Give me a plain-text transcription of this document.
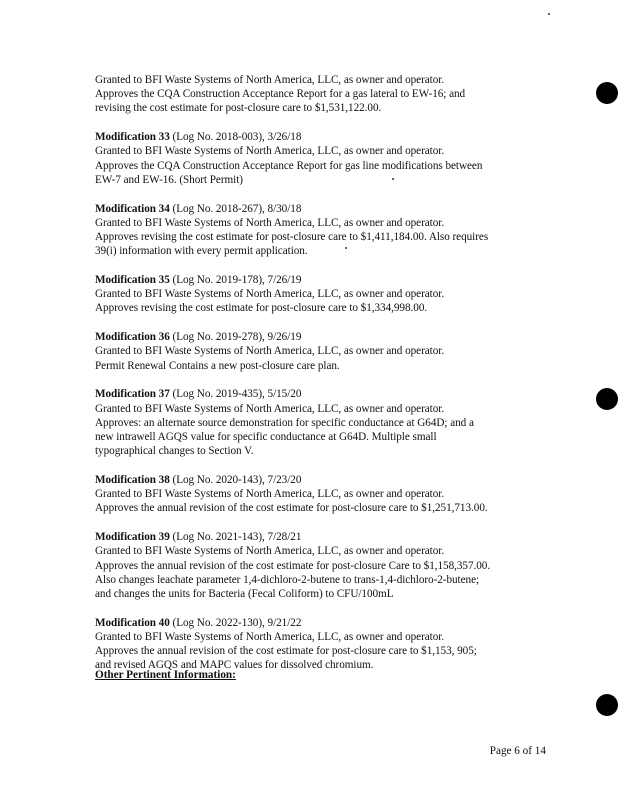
Granted to BFI Waste Systems of North America, LLC, as owner and operator.

Approves the CQA Construction Acceptance Report for a gas lateral to EW-16; and

revising the cost estimate for post-closure care to $1,531,122.00.

Modification 33 (Log No. 2018-003), 3/26/18

Granted to BFI Waste Systems of North America, LLC, as owner and operator.

Approves the CQA Construction Acceptance Report for gas line modifications between

EW-7 and EW-16. (Short Permit)

Modification 34 (Log No. 2018-267), 8/30/18

Granted to BFI Waste Systems of North America, LLC, as owner and operator.

Approves revising the cost estimate for post-closure care to $1,411,184.00. Also requires

39(i) information with every permit application.

Modification 35 (Log No. 2019-178), 7/26/19

Granted to BFI Waste Systems of North America, LLC, as owner and operator.

Approves revising the cost estimate for post-closure care to $1,334,998.00.

Modification 36 (Log No. 2019-278), 9/26/19

Granted to BFI Waste Systems of North America, LLC, as owner and operator.

Permit Renewal Contains a new post-closure care plan.

Modification 37 (Log No. 2019-435), 5/15/20

Granted to BFI Waste Systems of North America, LLC, as owner and operator.

Approves: an alternate source demonstration for specific conductance at G64D; and a

new intrawell AGQS value for specific conductance at G64D. Multiple small

typographical changes to Section V.

Modification 38 (Log No. 2020-143), 7/23/20

Granted to BFI Waste Systems of North America, LLC, as owner and operator.

Approves the annual revision of the cost estimate for post-closure care to $1,251,713.00.

Modification 39 (Log No. 2021-143), 7/28/21

Granted to BFI Waste Systems of North America, LLC, as owner and operator.

Approves the annual revision of the cost estimate for post-closure Care to $1,158,357.00.

Also changes leachate parameter 1,4-dichloro-2-butene to trans-1,4-dichloro-2-butene;

and changes the units for Bacteria (Fecal Coliform) to CFU/100mL

Modification 40 (Log No. 2022-130), 9/21/22

Granted to BFI Waste Systems of North America, LLC, as owner and operator.

Approves the annual revision of the cost estimate for post-closure care to $1,153, 905;

and revised AGQS and MAPC values for dissolved chromium.

Other Pertinent Information:

Page 6 of 14
